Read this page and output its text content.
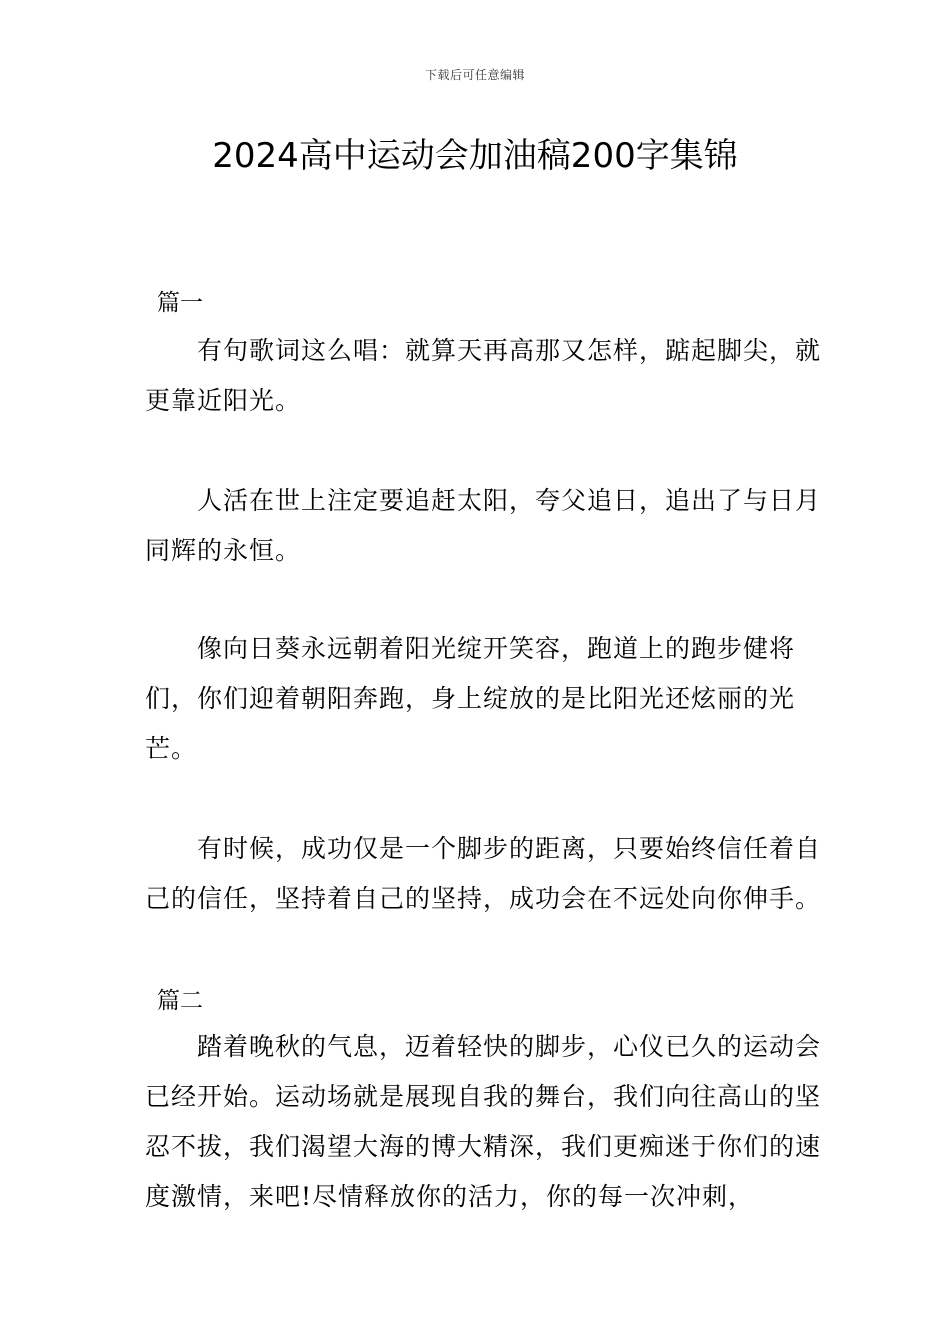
下载后可任意编辑
2024高中运动会加油稿200字集锦
篇一

有句歌词这么唱：就算天再高那又怎样，踮起脚尖，就更靠近阳光。

人活在世上注定要追赶太阳，夸父追日，追出了与日月同辉的永恒。

像向日葵永远朝着阳光绽开笑容，跑道上的跑步健将们，你们迎着朝阳奔跑，身上绽放的是比阳光还炫丽的光芒。

有时候，成功仅是一个脚步的距离，只要始终信任着自己的信任，坚持着自己的坚持，成功会在不远处向你伸手。

篇二

踏着晚秋的气息，迈着轻快的脚步，心仪已久的运动会已经开始。运动场就是展现自我的舞台，我们向往高山的坚忍不拔，我们渴望大海的博大精深，我们更痴迷于你们的速度激情，来吧!尽情释放你的活力，你的每一次冲刺，
